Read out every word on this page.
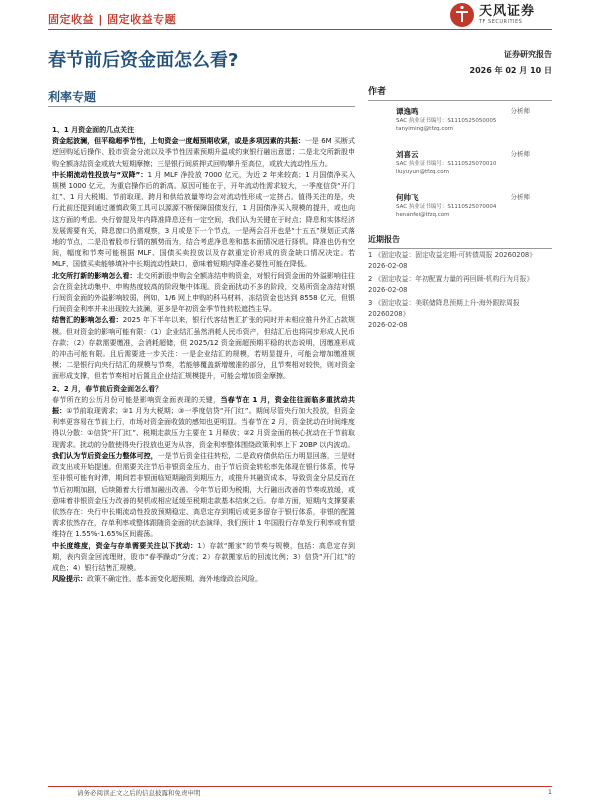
固定收益 | 固定收益专题
天风证券
TF SECURITIES
春节前后资金面怎么看?	证券研究报告
2026 年 02 月 10 日
利率专题

1、1 月资金面的几点关注

资金起波澜，但平稳超季节性，上旬资金一度超预期收紧，或是多项因素的共振：一是 6M 买断式逆回购延后操作、股市资金分流以及季节性因素预期升温或约束银行融出意愿；二是北交所新股申购全额冻结资金或放大短期摩擦；三是银行间质押式回购攀升至高位，或放大流动性压力。

中长期流动性投放与“双降”：1 月 MLF 净投放 7000 亿元，为近 2 年来较高；1 月国债净买入规模 1000 亿元，为重启操作后的新高。原因可能在于，开年流动性需求较大，一季度信贷“开门红”、1 月大税期、节前取现、跨月和供给放量等均会对流动性形成一定挤占。值得关注的是，央行此前还提到通过谨慎政策工具可以源源不断保障国债发行，1 月国债净买入规模的提升，或也向这方面的考虑。央行曾提及年内降准降息还有一定空间，我们认为关键在于时点；降息和实体经济发展需要有关，降息窗口仍需观察，3 月或是下一个节点，一是两会召开也是“十五五”规划正式落地的节点，二是沿着股市行情的额势而为，结合考虑净息差和基本面情况进行择机。降准也仍有空间，幅度和节奏可能根据 MLF、国债买卖投放以及存款重定价形成的资金缺口情况决定。若 MLF、国债买卖能够填补中长期流动性缺口，意味着短期内降准必要性可能在降低。

北交所打新的影响怎么看：北交所新股申购会全额冻结申购资金，对银行间资金面的外溢影响往往会在资金扰动集中、申购热度较高的阶段集中体现。资金面扰动不多的阶段，交易所资金冻结对银行间资金面的外溢影响较弱，例如，1/6 网上申购的科马材料，冻结资金也达到 8558 亿元，但银行间资金利率并未出现较大波澜，更多是年初资金季节性转松遮挡主导。

结售汇的影响怎么看：2025 年下半年以来，银行代客结售汇扩张的同时并未相应推升外汇占款规模。但对资金的影响可能有限：（1）企业结汇虽然消耗人民币资产，但结汇后也将同步形成人民币存款；（2）存款需要缴准，会消耗超储，但 2025/12 资金面超预期平稳的状态说明，因缴准形成的冲击可能有限。且后需要进一步关注：一是企业结汇的规模，若明显提升，可能会增加缴准规模；二是银行向央行结汇的规模与节奏，若能够覆盖新增缴准的部分，且节奏相对较快，则对资金面形成支撑，但若节奏相对后置且企业结汇规模提升，可能会增加资金摩擦。

2、2 月，春节前后资金面怎么看？

春节所在的公历月份可能是影响资金面表现的关键，当春节在 1 月，资金往往面临多重扰动共振：①节前取现需求；②1 月为大税期；③一季度信贷“开门红”。期间尽管央行加大投放，但资金利率更容易在节前上行，市场对资金面收敛的感知也更明显。当春节在 2 月，资金扰动在时间维度得以分散：①信贷“开门红”、税期走款压力主要在 1 月释放；②2 月资金面的核心扰动在于节前取现需求。扰动的分散使得央行投放也更为从容，资金利率整体围绕政策利率上下 20BP 以内波动。

我们认为节后资金压力整体可控，一是节后资金往往转松，二是政府债供给压力明显回落，三是财政支出或开始提速。但需要关注节后非银资金压力，由于节后资金转松率先体现在银行体系，传导至非银可能有时滞，期间若非银面临短期融资到期压力，或推升其融资成本，导致资金分层反而在节后初期加剧，后续随着大行增加融出改善。今年节后即为税期，大行融出改善的节奏或放缓，或意味着非银资金压力改善的契机或相应延缓至税期走款基本结束之后。存单方面，短期内支撑要素依然存在：央行中长期流动性投放预期稳定、高息定存到期后或更多留存于银行体系，非银的配置需求依然存在，存单利率或整体跟随资金面的状态演绎，我们预计 1 年国股行存单发行利率或有望维持在 1.55%-1.65%区间震荡。

中长度维度，资金与存单需要关注以下扰动：1）存款“搬家”的节奏与规模，包括：高息定存到期，表内资金回流理财，股市“春季躁动”分流；2）存款搬家后的回流比例；3）信贷“开门红”的成色；4）银行结售汇规模。

风险提示：政策不确定性、基本面变化超预期、海外地缘政治风险。

作者
谭逸鸣	分析师
SAC 执业证书编号：S1110525050005
tanyiming@tfzq.com
刘喜云	分析师
SAC 执业证书编号：S1110525070010
liuyuyun@tfzq.com
何帅飞	分析师
SAC 执业证书编号：S1110525070004
henanfei@tfzq.com
近期报告
1 《固定收益：固定收益定期-可转债周报 20260208》
2026-02-08
2 《固定收益：年初配置力量的再回顾-机构行为月报》
2026-02-08
3 《固定收益：美联储降息预期上升-海外跟踪周报 20260208》
2026-02-08
请务必阅读正文之后的信息披露和免责申明	1
